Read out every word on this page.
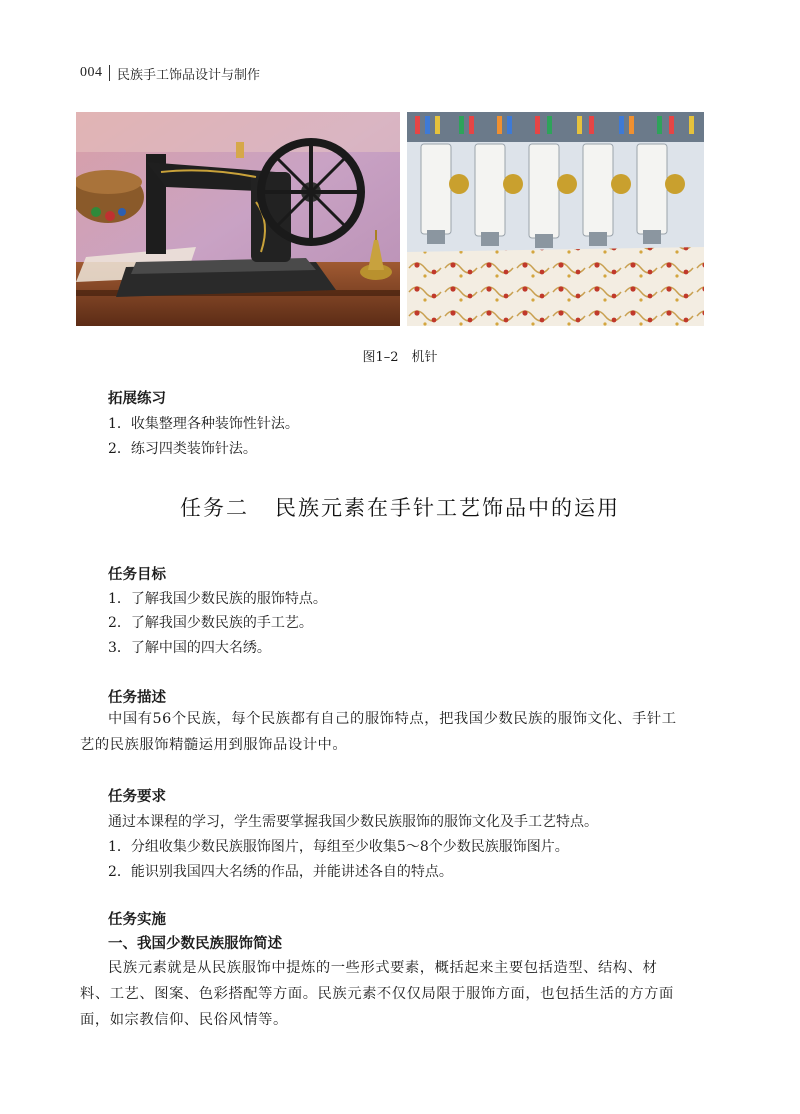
004 民族手工饰品设计与制作
图1–2　机针
拓展练习
1．收集整理各种装饰性针法。
2．练习四类装饰针法。
任务二 民族元素在手针工艺饰品中的运用
任务目标
1．了解我国少数民族的服饰特点。
2．了解我国少数民族的手工艺。
3．了解中国的四大名绣。
任务描述
中国有56个民族，每个民族都有自己的服饰特点，把我国少数民族的服饰文化、手针工
艺的民族服饰精髓运用到服饰品设计中。
任务要求
通过本课程的学习，学生需要掌握我国少数民族服饰的服饰文化及手工艺特点。
1．分组收集少数民族服饰图片，每组至少收集5～8个少数民族服饰图片。
2．能识别我国四大名绣的作品，并能讲述各自的特点。
任务实施
一、我国少数民族服饰简述
民族元素就是从民族服饰中提炼的一些形式要素，概括起来主要包括造型、结构、材
料、工艺、图案、色彩搭配等方面。民族元素不仅仅局限于服饰方面，也包括生活的方方面
面，如宗教信仰、民俗风情等。
